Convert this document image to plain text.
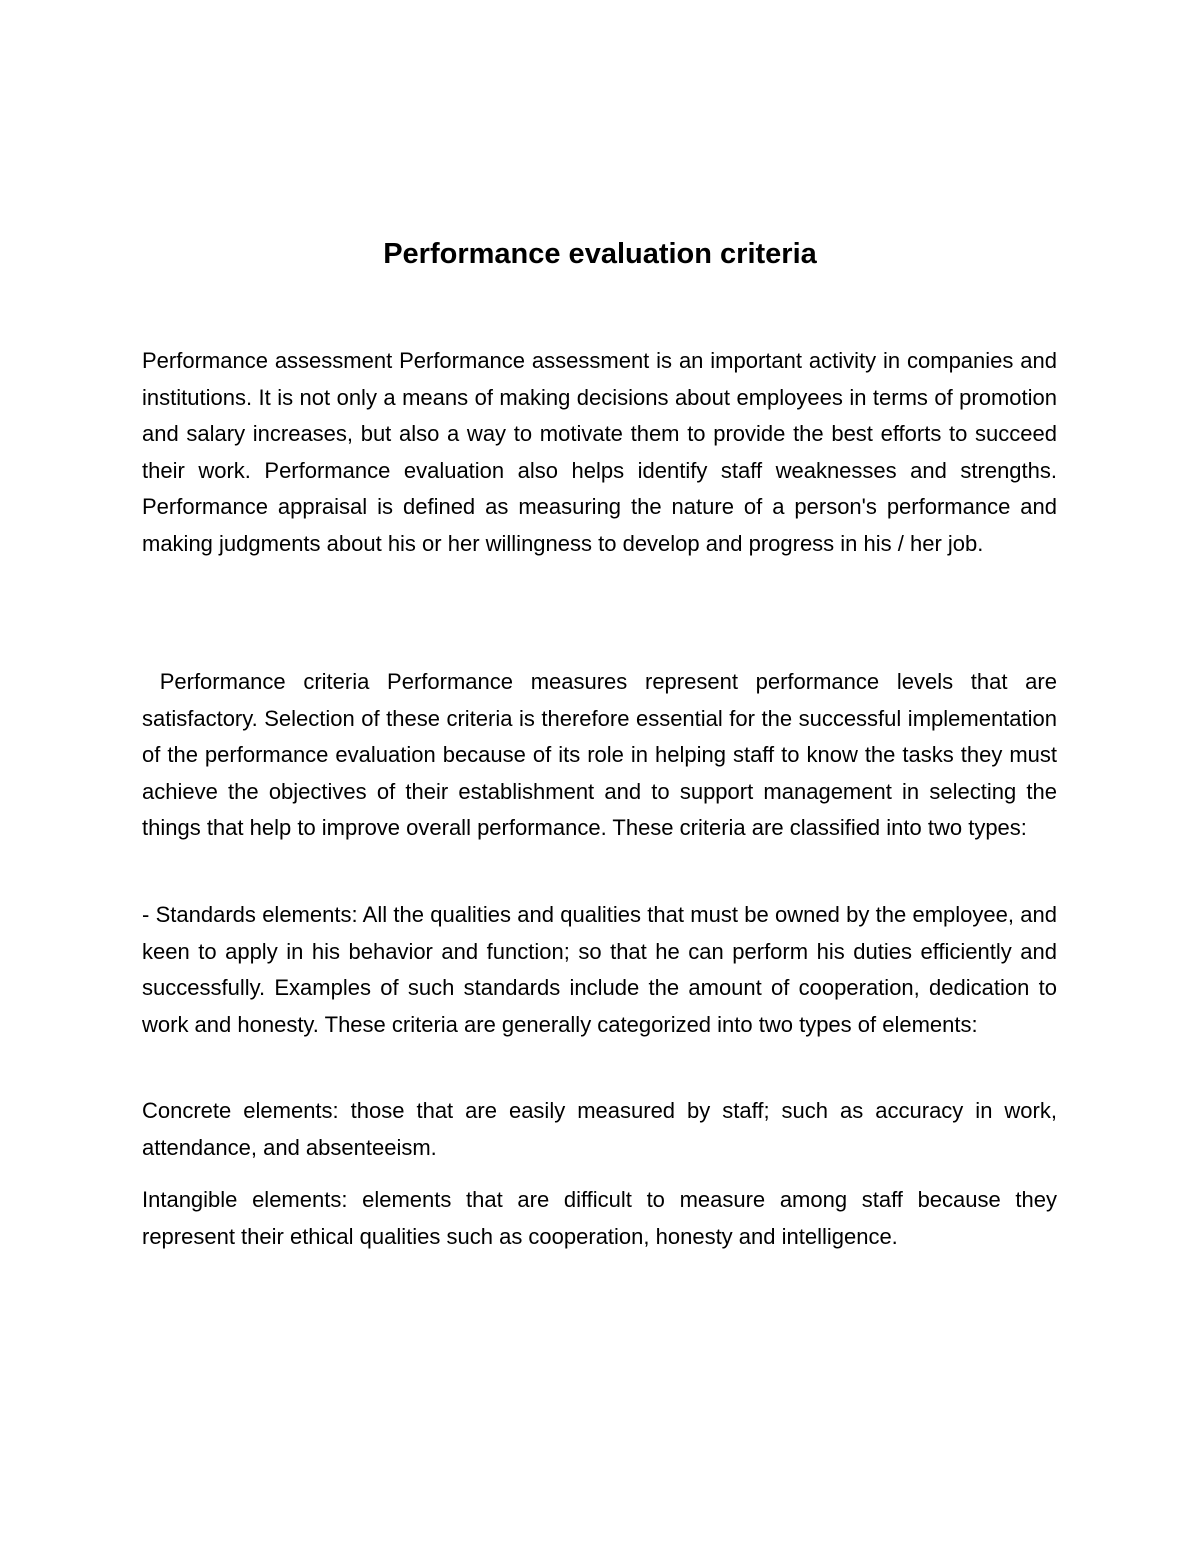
Performance evaluation criteria

Performance assessment Performance assessment is an important activity in companies and institutions. It is not only a means of making decisions about employees in terms of promotion and salary increases, but also a way to motivate them to provide the best efforts to succeed their work. Performance evaluation also helps identify staff weaknesses and strengths. Performance appraisal is defined as measuring the nature of a person's performance and making judgments about his or her willingness to develop and progress in his / her job.

Performance criteria Performance measures represent performance levels that are satisfactory. Selection of these criteria is therefore essential for the successful implementation of the performance evaluation because of its role in helping staff to know the tasks they must achieve the objectives of their establishment and to support management in selecting the things that help to improve overall performance. These criteria are classified into two types:

- Standards elements: All the qualities and qualities that must be owned by the employee, and keen to apply in his behavior and function; so that he can perform his duties efficiently and successfully. Examples of such standards include the amount of cooperation, dedication to work and honesty. These criteria are generally categorized into two types of elements:

Concrete elements: those that are easily measured by staff; such as accuracy in work, attendance, and absenteeism.

Intangible elements: elements that are difficult to measure among staff because they represent their ethical qualities such as cooperation, honesty and intelligence.
